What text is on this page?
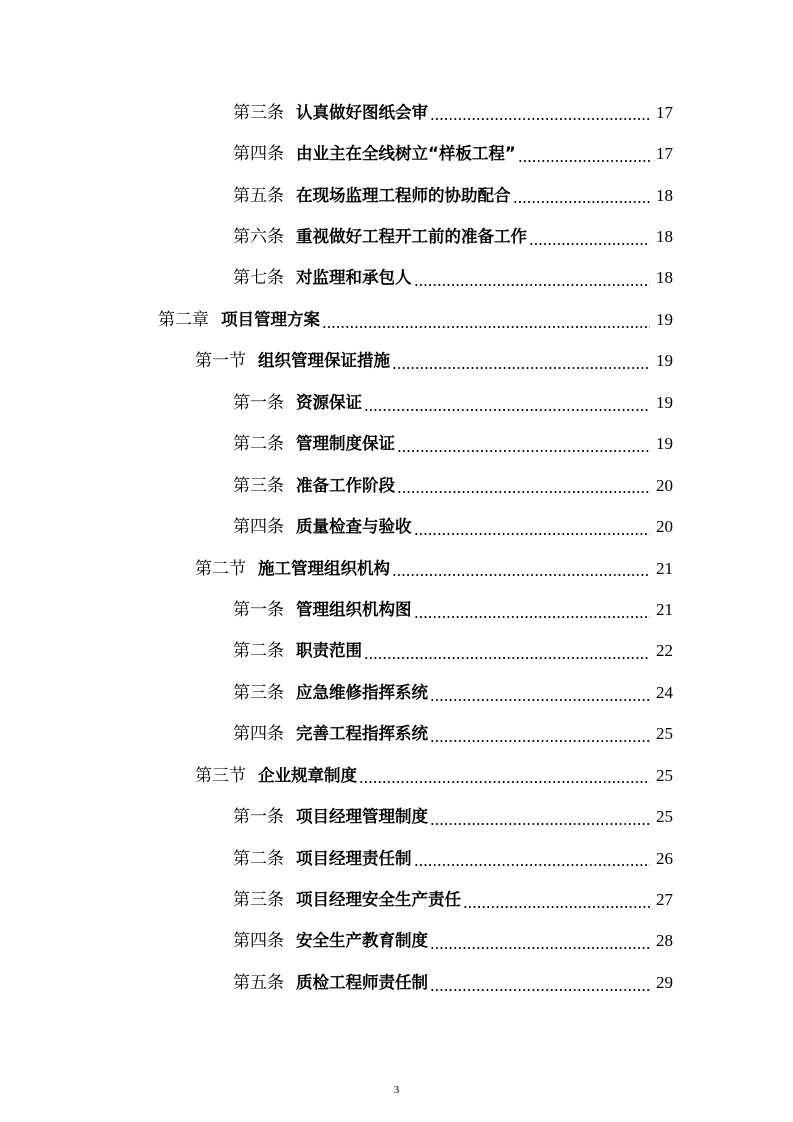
第三条 认真做好图纸会审	17
第四条 由业主在全线树立“样板工程”	17
第五条 在现场监理工程师的协助配合	18
第六条 重视做好工程开工前的准备工作	18
第七条 对监理和承包人	18
第二章 项目管理方案	19
第一节 组织管理保证措施	19
第一条 资源保证	19
第二条 管理制度保证	19
第三条 准备工作阶段	20
第四条 质量检查与验收	20
第二节 施工管理组织机构	21
第一条 管理组织机构图	21
第二条 职责范围	22
第三条 应急维修指挥系统	24
第四条 完善工程指挥系统	25
第三节 企业规章制度	25
第一条 项目经理管理制度	25
第二条 项目经理责任制	26
第三条 项目经理安全生产责任	27
第四条 安全生产教育制度	28
第五条 质检工程师责任制	29
3
